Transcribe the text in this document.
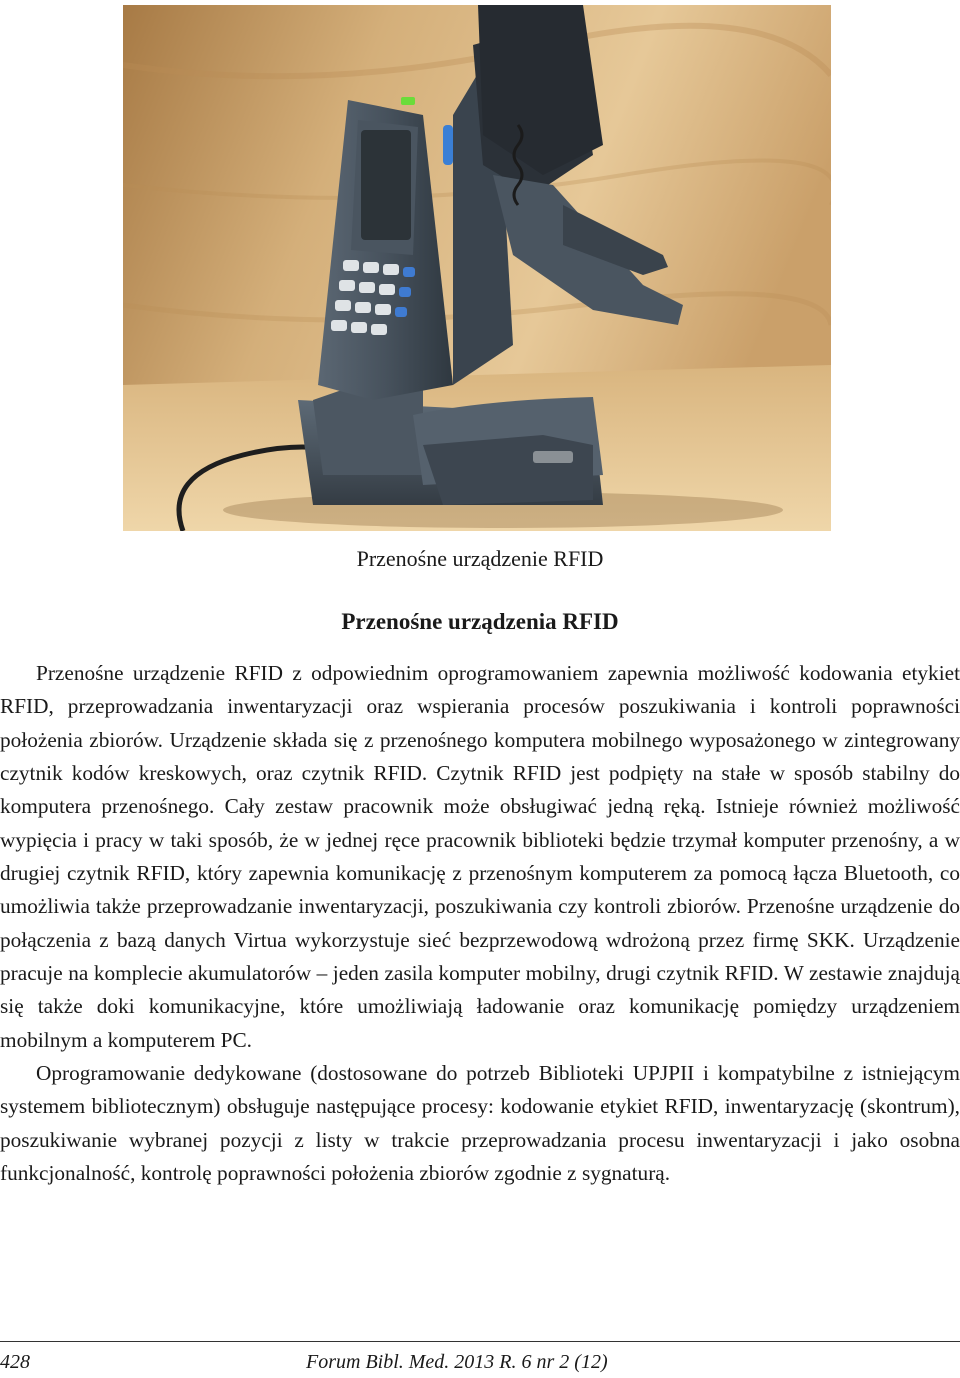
Przenośne urządzenie RFID
Przenośne urządzenia RFID

Przenośne urządzenie RFID z odpowiednim oprogramowaniem zapewnia możliwość kodowania etykiet RFID, przeprowadzania inwentaryzacji oraz wspierania procesów poszukiwania i kontroli poprawności położenia zbiorów. Urządzenie składa się z przenośnego komputera mobilnego wyposażonego w zintegrowany czytnik kodów kreskowych, oraz czytnik RFID. Czytnik RFID jest podpięty na stałe w sposób stabilny do komputera przenośnego. Cały zestaw pracownik może obsługiwać jedną ręką. Istnieje również możliwość wypięcia i pracy w taki sposób, że w jednej ręce pracownik biblioteki będzie trzymał komputer przenośny, a w drugiej czytnik RFID, który zapewnia komunikację z przenośnym komputerem za pomocą łącza Bluetooth, co umożliwia także przeprowadzanie inwentaryzacji, poszukiwania czy kontroli zbiorów. Przenośne urządzenie do połączenia z bazą danych Virtua wykorzystuje sieć bezprzewodową wdrożoną przez firmę SKK. Urządzenie pracuje na komplecie akumulatorów – jeden zasila komputer mobilny, drugi czytnik RFID. W zestawie znajdują się także doki komunikacyjne, które umożliwiają ładowanie oraz komunikację pomiędzy urządzeniem mobilnym a komputerem PC.

Oprogramowanie dedykowane (dostosowane do potrzeb Biblioteki UPJPII i kompatybilne z istniejącym systemem bibliotecznym) obsługuje następujące procesy: kodowanie etykiet RFID, inwentaryzację (skontrum), poszukiwanie wybranej pozycji z listy w trakcie przeprowadzania procesu inwentaryzacji i jako osobna funkcjonalność, kontrolę poprawności położenia zbiorów zgodnie z sygnaturą.

428	Forum Bibl. Med. 2013 R. 6 nr 2 (12)
